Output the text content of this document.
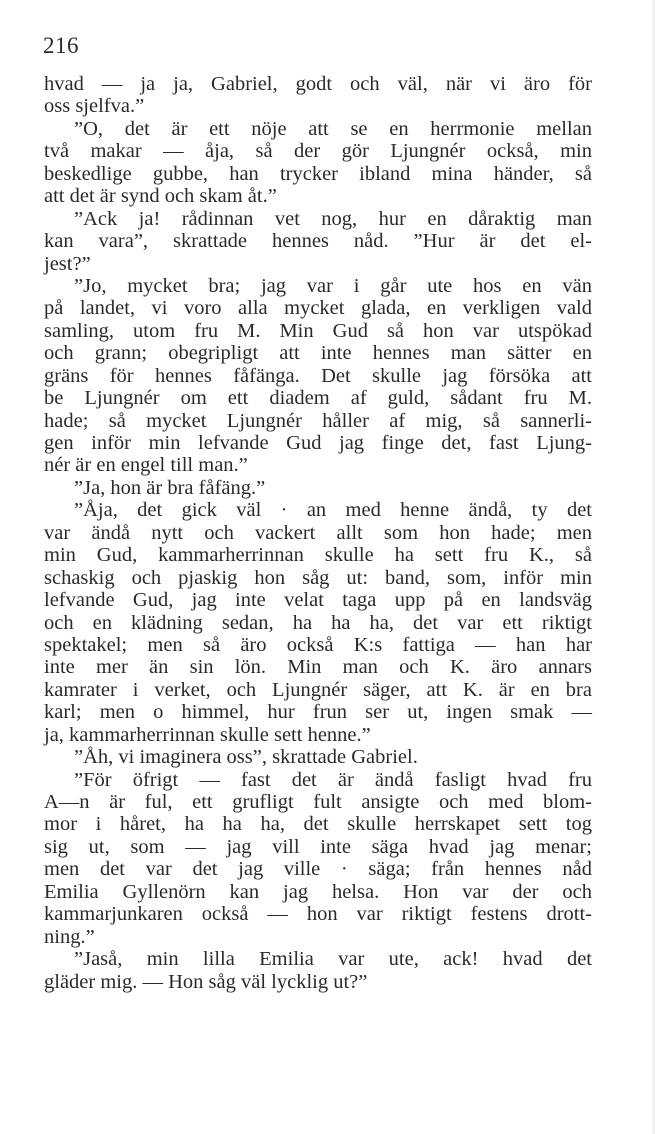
216
hvad — ja ja, Gabriel, godt och väl, när vi äro för
oss sjelfva.”
”O, det är ett nöje att se en herrmonie mellan
två makar — åja, så der gör Ljungnér också, min
beskedlige gubbe, han trycker ibland mina händer, så
att det är synd och skam åt.”
”Ack ja! rådinnan vet nog, hur en dåraktig man
kan vara”, skrattade hennes nåd. ”Hur är det el-
jest?”
”Jo, mycket bra; jag var i går ute hos en vän
på landet, vi voro alla mycket glada, en verkligen vald
samling, utom fru M. Min Gud så hon var utspökad
och grann; obegripligt att inte hennes man sätter en
gräns för hennes fåfänga. Det skulle jag försöka att
be Ljungnér om ett diadem af guld, sådant fru M.
hade; så mycket Ljungnér håller af mig, så sannerli-
gen inför min lefvande Gud jag finge det, fast Ljung-
nér är en engel till man.”
”Ja, hon är bra fåfäng.”
”Åja, det gick väl · an med henne ändå, ty det
var ändå nytt och vackert allt som hon hade; men
min Gud, kammarherrinnan skulle ha sett fru K., så
schaskig och pjaskig hon såg ut: band, som, inför min
lefvande Gud, jag inte velat taga upp på en landsväg
och en klädning sedan, ha ha ha, det var ett riktigt
spektakel; men så äro också K:s fattiga — han har
inte mer än sin lön. Min man och K. äro annars
kamrater i verket, och Ljungnér säger, att K. är en bra
karl; men o himmel, hur frun ser ut, ingen smak —
ja, kammarherrinnan skulle sett henne.”
”Åh, vi imaginera oss”, skrattade Gabriel.
”För öfrigt — fast det är ändå fasligt hvad fru
A—n är ful, ett grufligt fult ansigte och med blom-
mor i håret, ha ha ha, det skulle herrskapet sett tog
sig ut, som — jag vill inte säga hvad jag menar;
men det var det jag ville · säga; från hennes nåd
Emilia Gyllenörn kan jag helsa. Hon var der och
kammarjunkaren också — hon var riktigt festens drott-
ning.”
”Jaså, min lilla Emilia var ute, ack! hvad det
gläder mig. — Hon såg väl lycklig ut?”
